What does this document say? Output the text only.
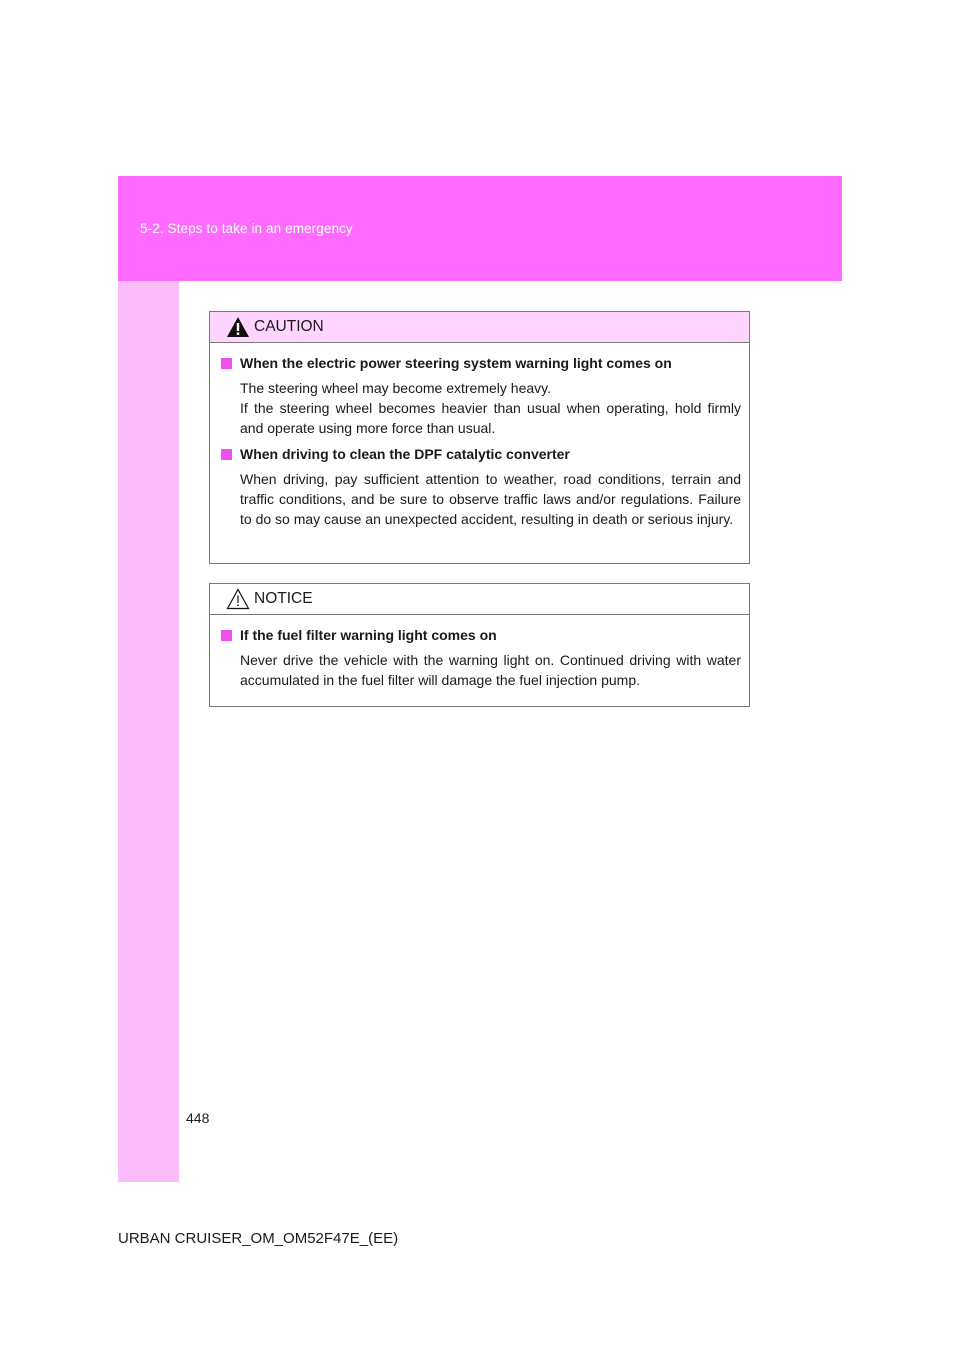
5-2. Steps to take in an emergency
CAUTION
When the electric power steering system warning light comes on

The steering wheel may become extremely heavy.

If the steering wheel becomes heavier than usual when operating, hold firmly and operate using more force than usual.

When driving to clean the DPF catalytic converter

When driving, pay sufficient attention to weather, road conditions, terrain and traffic conditions, and be sure to observe traffic laws and/or regulations. Failure to do so may cause an unexpected accident, resulting in death or serious injury.

NOTICE
If the fuel filter warning light comes on

Never drive the vehicle with the warning light on. Continued driving with water accumulated in the fuel filter will damage the fuel injection pump.

448
URBAN CRUISER_OM_OM52F47E_(EE)
